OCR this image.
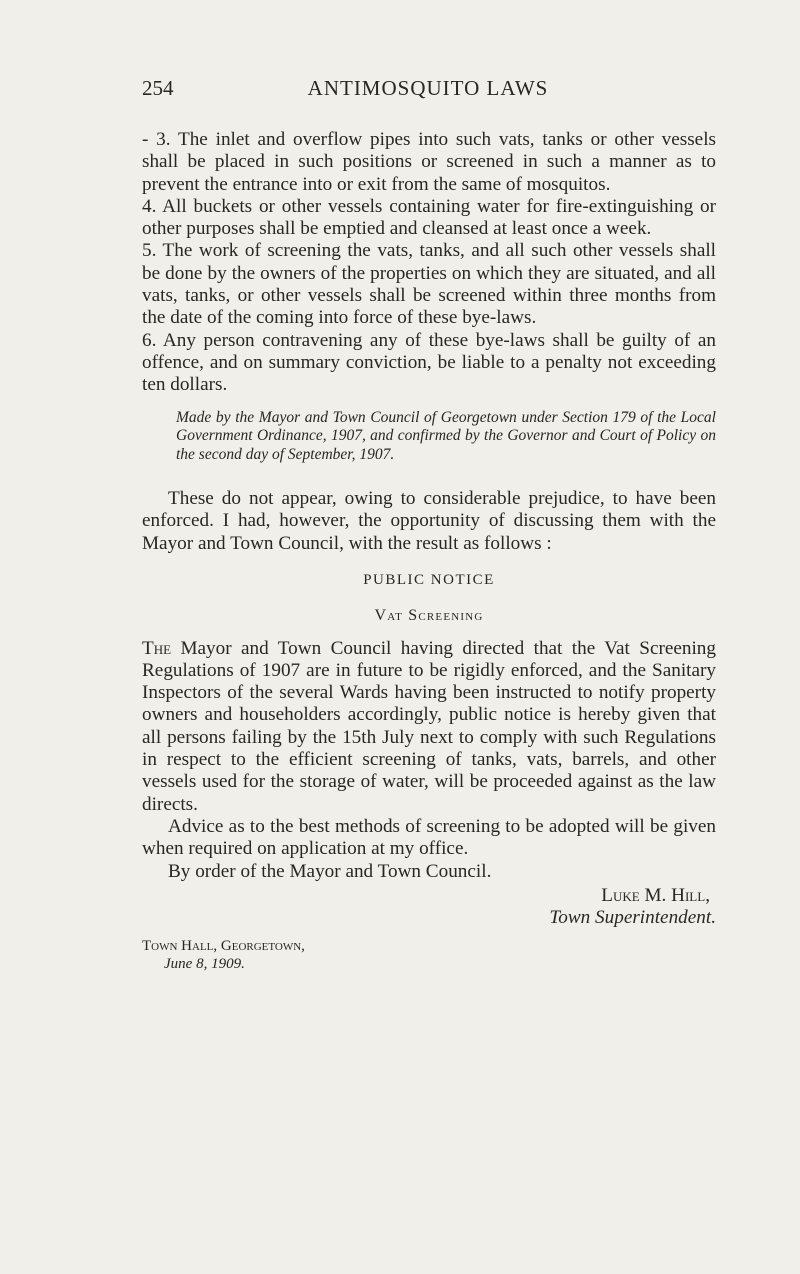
254	ANTIMOSQUITO LAWS

- 3. The inlet and overflow pipes into such vats, tanks or other vessels shall be placed in such positions or screened in such a manner as to prevent the entrance into or exit from the same of mosquitos.

4. All buckets or other vessels containing water for fire-extinguishing or other purposes shall be emptied and cleansed at least once a week.

5. The work of screening the vats, tanks, and all such other vessels shall be done by the owners of the properties on which they are situated, and all vats, tanks, or other vessels shall be screened within three months from the date of the coming into force of these bye-laws.

6. Any person contravening any of these bye-laws shall be guilty of an offence, and on summary conviction, be liable to a penalty not exceeding ten dollars.

Made by the Mayor and Town Council of Georgetown under Section 179 of the Local Government Ordinance, 1907, and confirmed by the Governor and Court of Policy on the second day of September, 1907.

These do not appear, owing to considerable prejudice, to have been enforced. I had, however, the opportunity of discussing them with the Mayor and Town Council, with the result as follows :

PUBLIC NOTICE

Vat Screening

The Mayor and Town Council having directed that the Vat Screening Regulations of 1907 are in future to be rigidly enforced, and the Sanitary Inspectors of the several Wards having been instructed to notify property owners and householders accordingly, public notice is hereby given that all persons failing by the 15th July next to comply with such Regulations in respect to the efficient screening of tanks, vats, barrels, and other vessels used for the storage of water, will be proceeded against as the law directs.

Advice as to the best methods of screening to be adopted will be given when required on application at my office.

By order of the Mayor and Town Council.

Luke M. Hill,

Town Superintendent.

Town Hall, Georgetown,

June 8, 1909.
